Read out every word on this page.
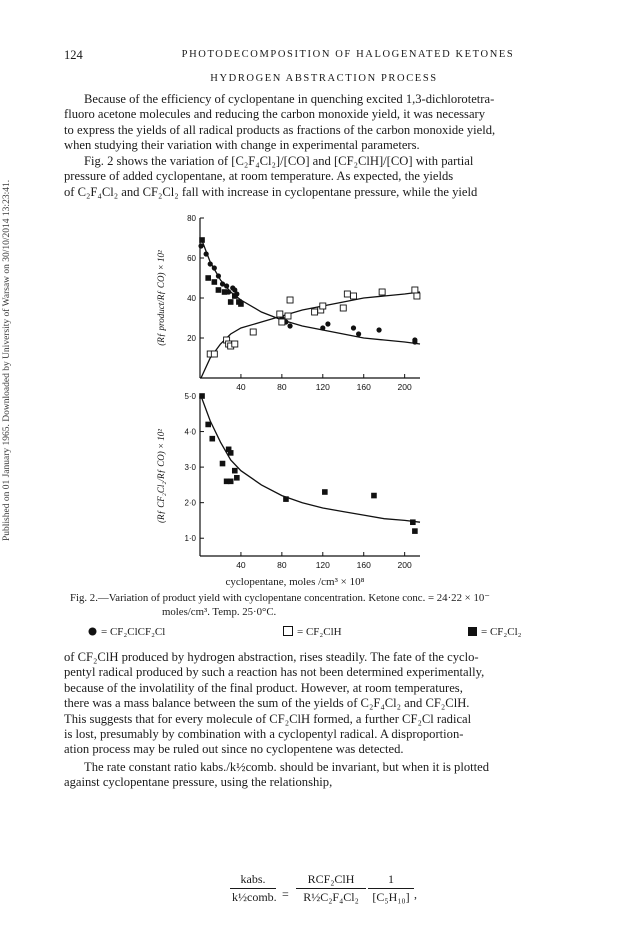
Published on 01 January 1965. Downloaded by University of Warsaw on 30/10/2014 13:23:41.
124	PHOTODECOMPOSITION OF HALOGENATED KETONES
HYDROGEN ABSTRACTION PROCESS

Because of the efficiency of cyclopentane in quenching excited 1,3-dichlorotetra-
fluoro acetone molecules and reducing the carbon monoxide yield, it was necessary
to express the yields of all radical products as fractions of the carbon monoxide yield,
when studying their variation with change in experimental parameters.

Fig. 2 shows the variation of [C₂F₄Cl₂]/[CO] and [CF₂ClH]/[CO] with partial
pressure of added cyclopentane, at room temperature. As expected, the yields
of C₂F₄Cl₂ and CF₂Cl₂ fall with increase in cyclopentane pressure, while the yield

40	80	120	160	200
20
40
60
80
(Rƒ product/Rƒ CO) × 10²
40	80	120	160	200
1·0
2·0
3·0
4·0
5·0
(Rƒ CF₂Cl₂/Rƒ CO) × 10²
cyclopentane, moles /cm³ × 10⁸
Fig. 2.—Variation of product yield with cyclopentane concentration. Ketone conc. = 24·22 × 10⁻
moles/cm³. Temp. 25·0°C.
= CF₂ClCF₂Cl	= CF₂ClH	= CF₂Cl₂

of CF₂ClH produced by hydrogen abstraction, rises steadily. The fate of the cyclo-
pentyl radical produced by such a reaction has not been determined experimentally,
because of the involatility of the final product. However, at room temperatures,
there was a mass balance between the sum of the yields of C₂F₄Cl₂ and CF₂ClH.
This suggests that for every molecule of CF₂ClH formed, a further CF₂Cl radical
is lost, presumably by combination with a cyclopentyl radical. A disproportion-
ation process may be ruled out since no cyclopentene was detected.

The rate constant ratio kabs./k½comb. should be invariant, but when it is plotted
against cyclopentane pressure, using the relationship,

kabs.
k½comb. =
RCF₂ClH
R½C₂F₄Cl₂
1
[C₅H₁₀] ,
